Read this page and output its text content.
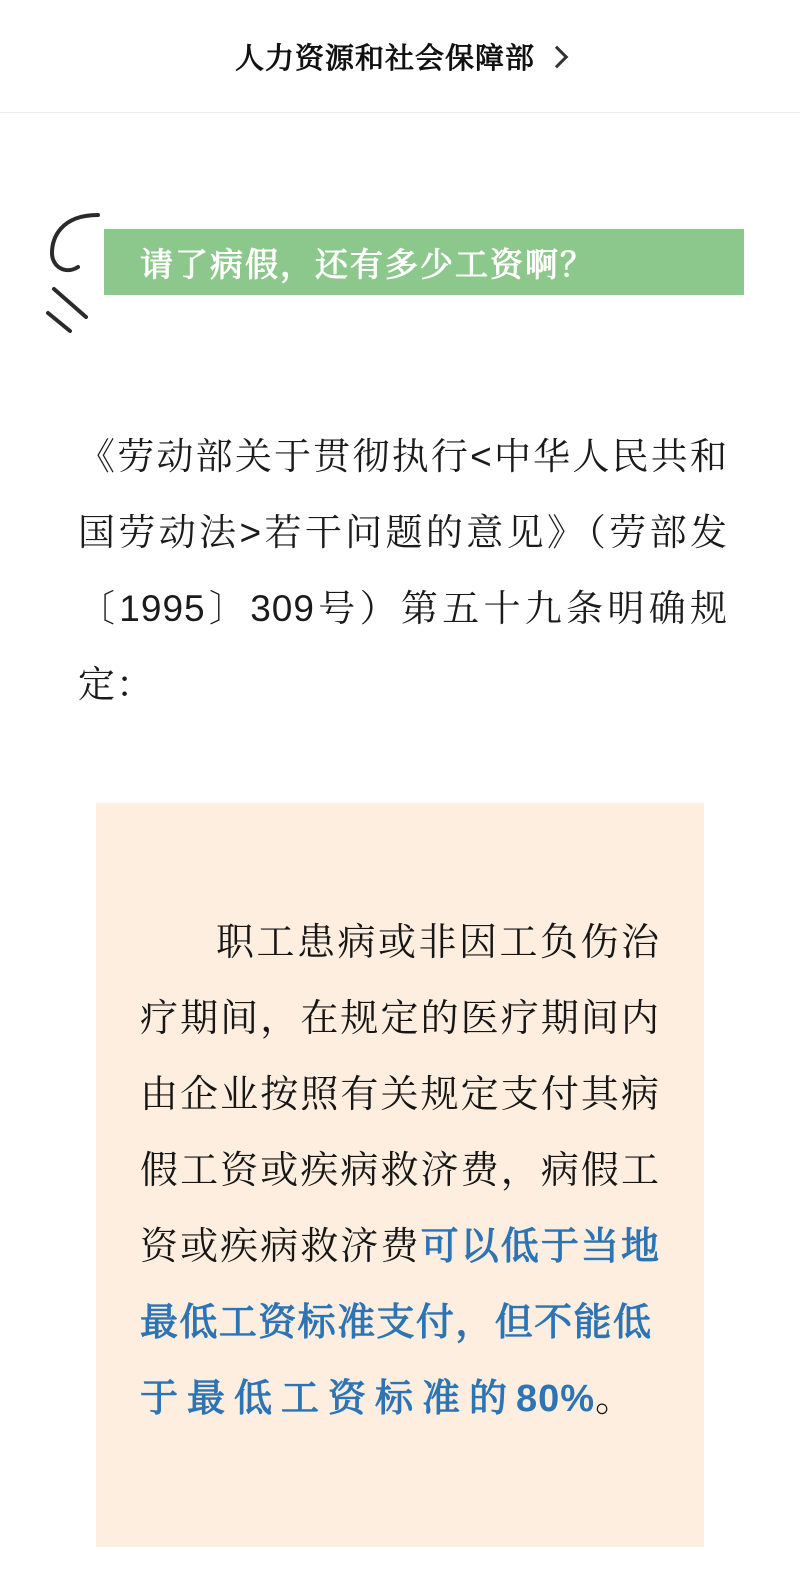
人力资源和社会保障部
请了病假，还有多少工资啊？

《劳动部关于贯彻执行<中华人民共和国劳动法>若干问题的意见》（劳部发〔1995〕309号）第五十九条明确规定：

职工患病或非因工负伤治疗期间，在规定的医疗期间内由企业按照有关规定支付其病假工资或疾病救济费，病假工资或疾病救济费可以低于当地最低工资标准支付，但不能低于最低工资标准的80%。
